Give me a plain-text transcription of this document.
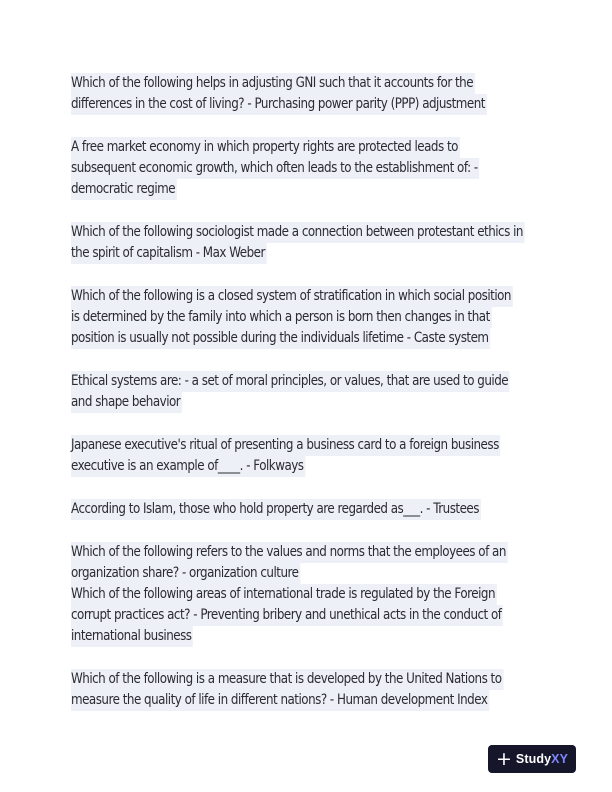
Which of the following helps in adjusting GNI such that it accounts for the
differences in the cost of living? - Purchasing power parity (PPP) adjustment
A free market economy in which property rights are protected leads to
subsequent economic growth, which often leads to the establishment of: -
democratic regime
Which of the following sociologist made a connection between protestant ethics in
the spirit of capitalism - Max Weber
Which of the following is a closed system of stratification in which social position
is determined by the family into which a person is born then changes in that
position is usually not possible during the individuals lifetime - Caste system
Ethical systems are: - a set of moral principles, or values, that are used to guide
and shape behavior
Japanese executive's ritual of presenting a business card to a foreign business
executive is an example of____. - Folkways
According to Islam, those who hold property are regarded as___. - Trustees
Which of the following refers to the values and norms that the employees of an
organization share? - organization culture
Which of the following areas of international trade is regulated by the Foreign
corrupt practices act? - Preventing bribery and unethical acts in the conduct of
international business
Which of the following is a measure that is developed by the United Nations to
measure the quality of life in different nations? - Human development Index
+ StudyXY
